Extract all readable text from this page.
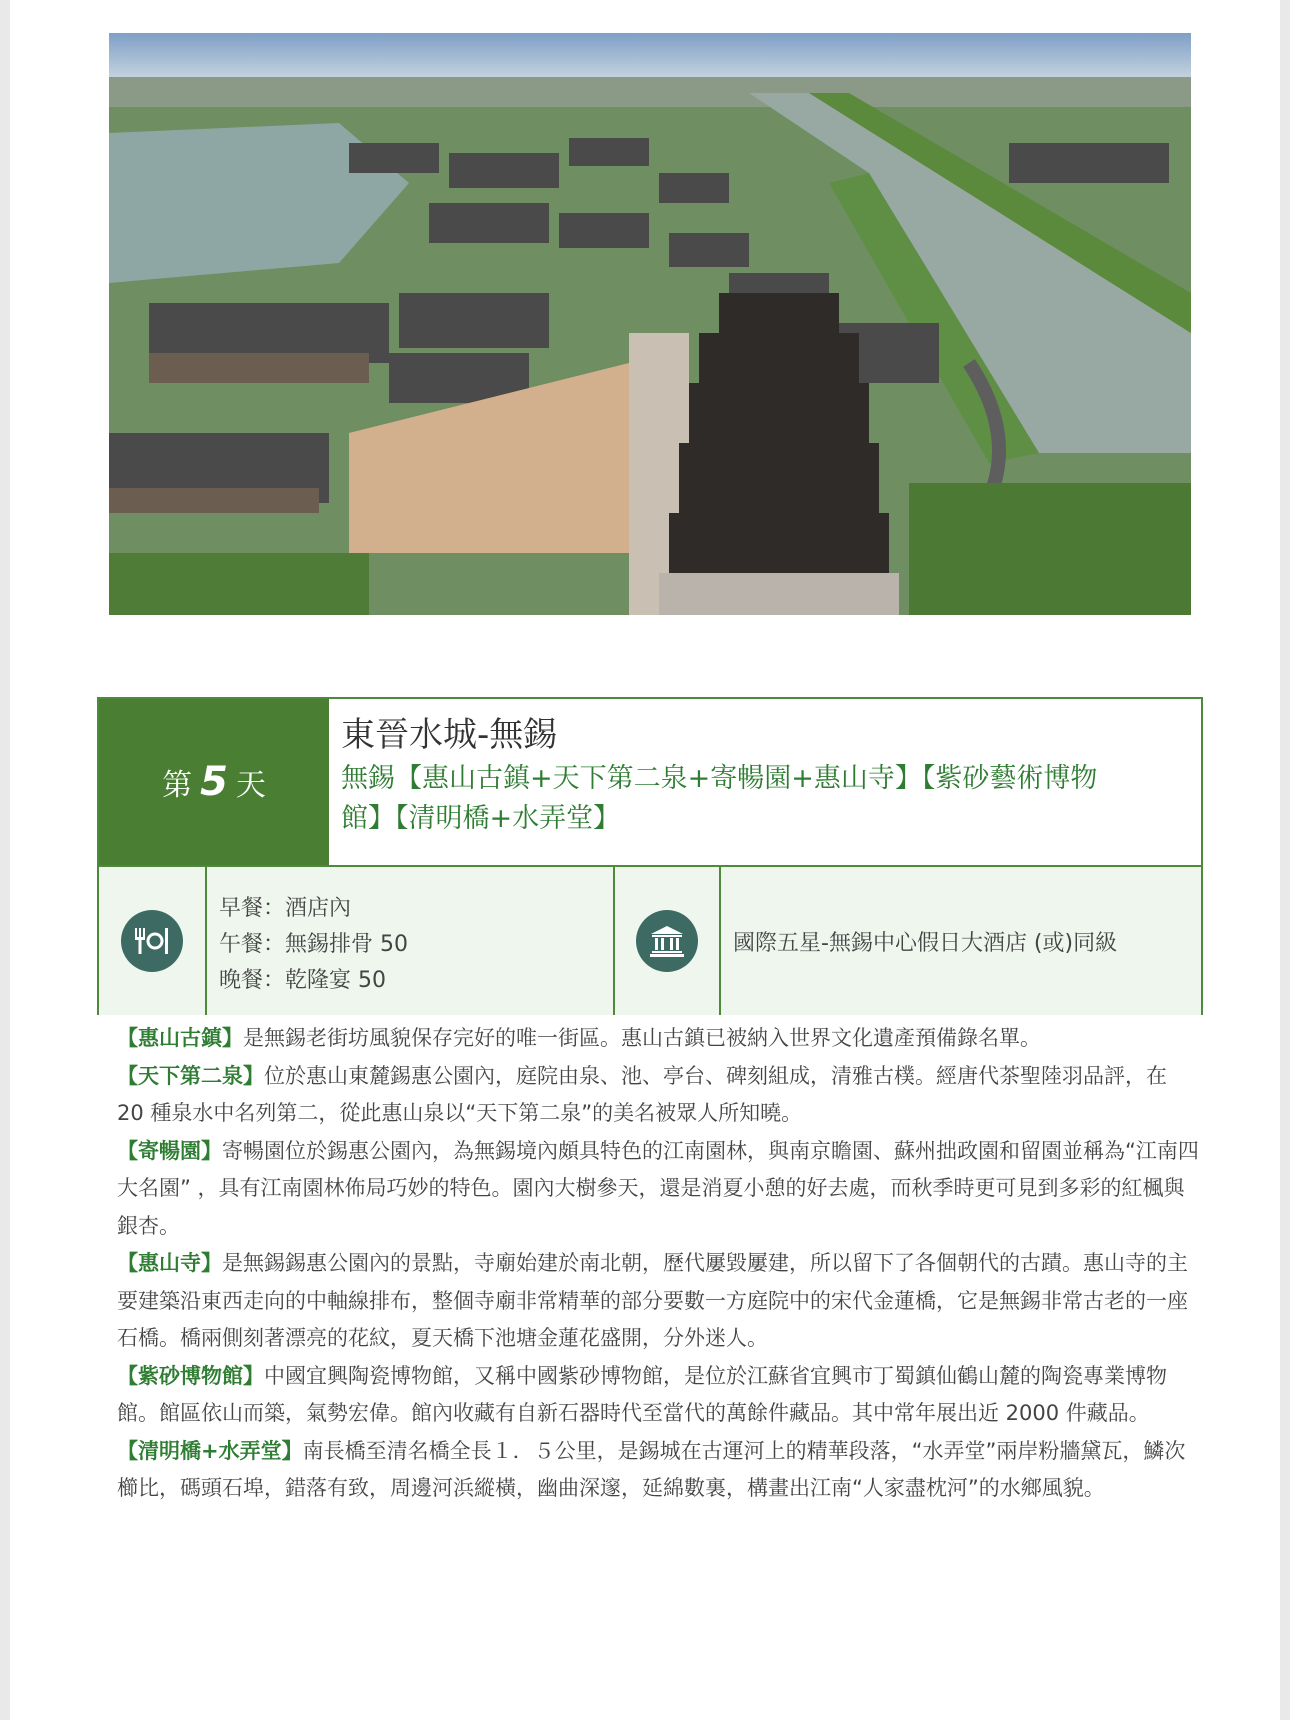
第 5 天
東晉水城-無錫
無錫【惠山古鎮+天下第二泉+寄暢園+惠山寺】【紫砂藝術博物
館】【清明橋+水弄堂】
早餐：酒店內
午餐：無錫排骨 50
晚餐：乾隆宴 50
國際五星-無錫中心假日大酒店 (或)同級

【惠山古鎮】是無錫老街坊風貌保存完好的唯一街區。惠山古鎮已被納入世界文化遺產預備錄名單。

【天下第二泉】位於惠山東麓錫惠公園內，庭院由泉、池、亭台、碑刻組成，清雅古樸。經唐代茶聖陸羽品評，在 20 種泉水中名列第二，從此惠山泉以“天下第二泉”的美名被眾人所知曉。

【寄暢園】寄暢園位於錫惠公園內，為無錫境內頗具特色的江南園林，與南京瞻園、蘇州拙政園和留園並稱為“江南四大名園” ，具有江南園林佈局巧妙的特色。園內大樹參天，還是消夏小憩的好去處，而秋季時更可見到多彩的紅楓與銀杏。

【惠山寺】是無錫錫惠公園內的景點，寺廟始建於南北朝，歷代屢毀屢建，所以留下了各個朝代的古蹟。惠山寺的主要建築沿東西走向的中軸線排布，整個寺廟非常精華的部分要數一方庭院中的宋代金蓮橋，它是無錫非常古老的一座石橋。橋兩側刻著漂亮的花紋，夏天橋下池塘金蓮花盛開，分外迷人。

【紫砂博物館】中國宜興陶瓷博物館，又稱中國紫砂博物館，是位於江蘇省宜興市丁蜀鎮仙鶴山麓的陶瓷專業博物館。館區依山而築，氣勢宏偉。館內收藏有自新石器時代至當代的萬餘件藏品。其中常年展出近 2000 件藏品。

【清明橋+水弄堂】南長橋至清名橋全長１．５公里，是錫城在古運河上的精華段落，“水弄堂”兩岸粉牆黛瓦，鱗次櫛比，碼頭石埠，錯落有致，周邊河浜縱橫，幽曲深邃，延綿數裏，構畫出江南“人家盡枕河”的水鄉風貌。
